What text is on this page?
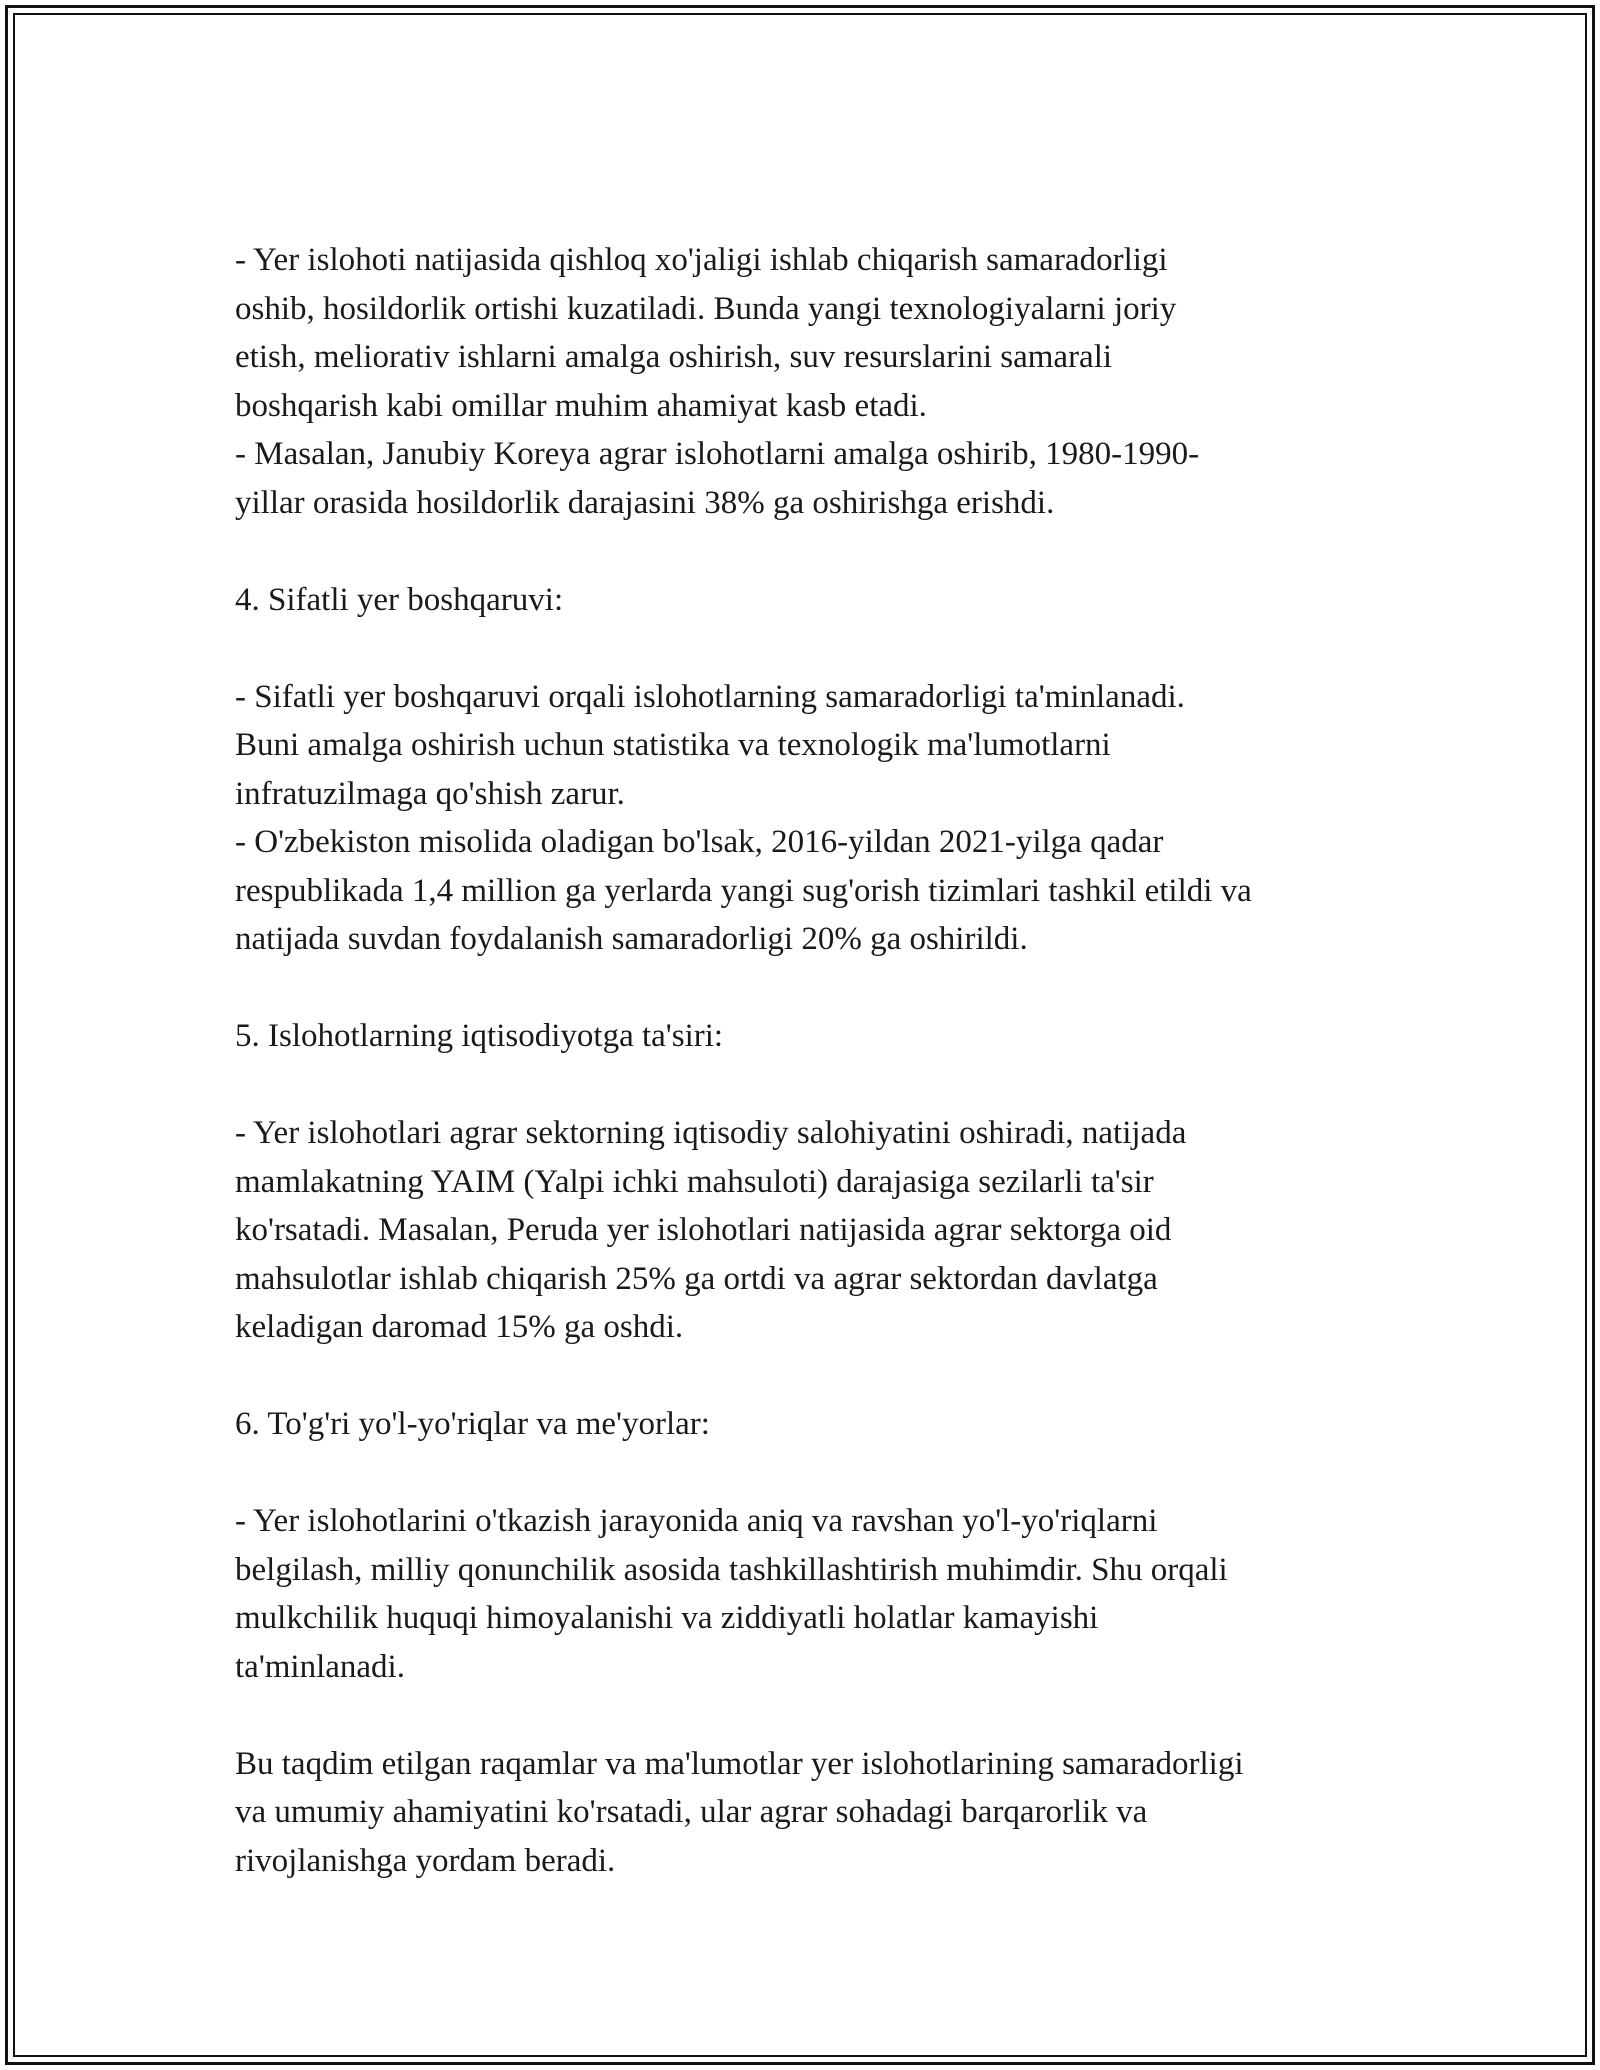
- Yer islohoti natijasida qishloq xo'jaligi ishlab chiqarish samaradorligi
oshib, hosildorlik ortishi kuzatiladi. Bunda yangi texnologiyalarni joriy
etish, meliorativ ishlarni amalga oshirish, suv resurslarini samarali
boshqarish kabi omillar muhim ahamiyat kasb etadi.
- Masalan, Janubiy Koreya agrar islohotlarni amalga oshirib, 1980-1990-
yillar orasida hosildorlik darajasini 38% ga oshirishga erishdi.
4. Sifatli yer boshqaruvi:
- Sifatli yer boshqaruvi orqali islohotlarning samaradorligi ta'minlanadi.
Buni amalga oshirish uchun statistika va texnologik ma'lumotlarni
infratuzilmaga qo'shish zarur.
- O'zbekiston misolida oladigan bo'lsak, 2016-yildan 2021-yilga qadar
respublikada 1,4 million ga yerlarda yangi sug'orish tizimlari tashkil etildi va
natijada suvdan foydalanish samaradorligi 20% ga oshirildi.
5. Islohotlarning iqtisodiyotga ta'siri:
- Yer islohotlari agrar sektorning iqtisodiy salohiyatini oshiradi, natijada
mamlakatning YAIM (Yalpi ichki mahsuloti) darajasiga sezilarli ta'sir
ko'rsatadi. Masalan, Peruda yer islohotlari natijasida agrar sektorga oid
mahsulotlar ishlab chiqarish 25% ga ortdi va agrar sektordan davlatga
keladigan daromad 15% ga oshdi.
6. To'g'ri yo'l-yo'riqlar va me'yorlar:
- Yer islohotlarini o'tkazish jarayonida aniq va ravshan yo'l-yo'riqlarni
belgilash, milliy qonunchilik asosida tashkillashtirish muhimdir. Shu orqali
mulkchilik huquqi himoyalanishi va ziddiyatli holatlar kamayishi
ta'minlanadi.
Bu taqdim etilgan raqamlar va ma'lumotlar yer islohotlarining samaradorligi
va umumiy ahamiyatini ko'rsatadi, ular agrar sohadagi barqarorlik va
rivojlanishga yordam beradi.
